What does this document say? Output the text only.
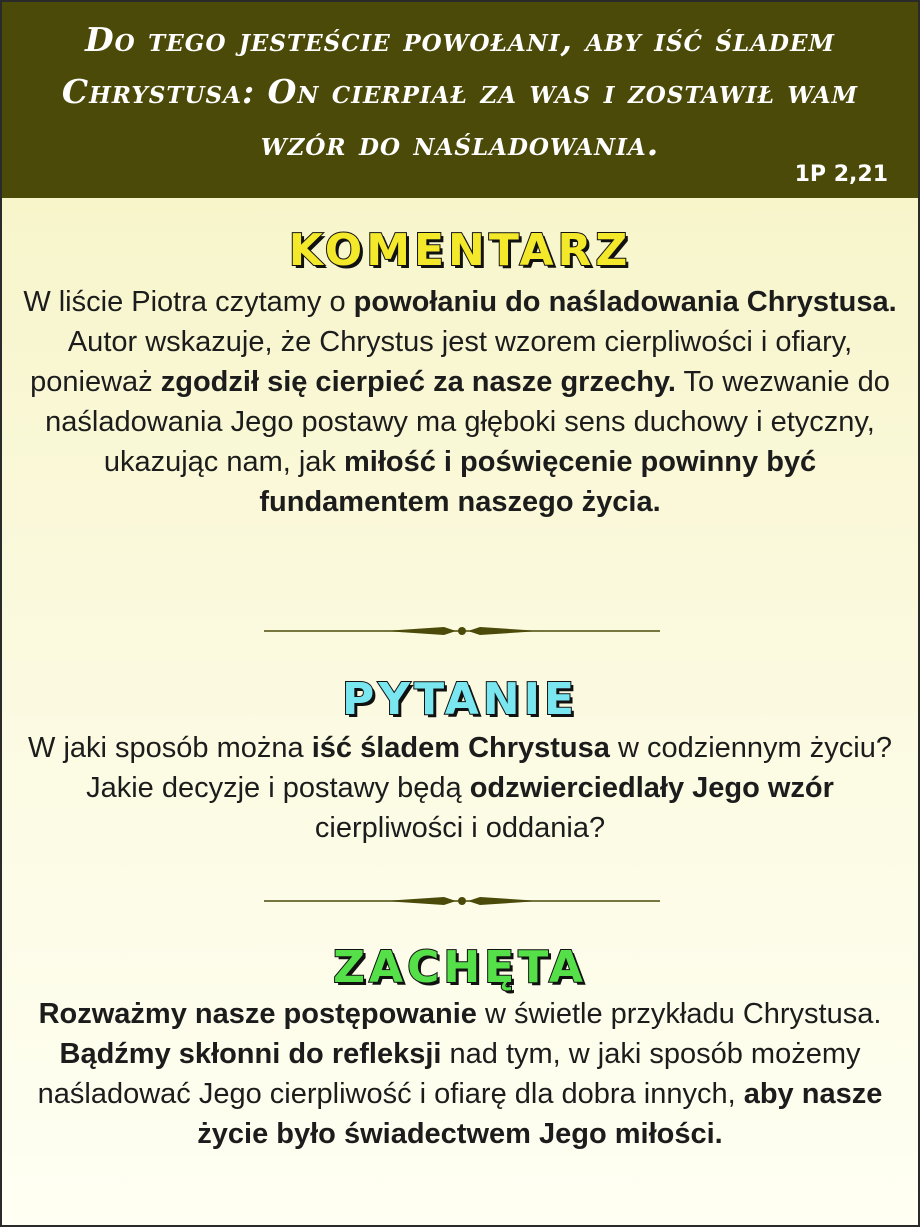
Do tego jesteście powołani, aby iść śladem Chrystusa: On cierpiał za was i zostawił wam wzór do naśladowania.
1P 2,21
KOMENTARZ
W liście Piotra czytamy o powołaniu do naśladowania Chrystusa. Autor wskazuje, że Chrystus jest wzorem cierpliwości i ofiary, ponieważ zgodził się cierpieć za nasze grzechy. To wezwanie do naśladowania Jego postawy ma głęboki sens duchowy i etyczny, ukazując nam, jak miłość i poświęcenie powinny być fundamentem naszego życia.
PYTANIE
W jaki sposób można iść śladem Chrystusa w codziennym życiu? Jakie decyzje i postawy będą odzwierciedlały Jego wzór cierpliwości i oddania?
ZACHĘTA
Rozważmy nasze postępowanie w świetle przykładu Chrystusa. Bądźmy skłonni do refleksji nad tym, w jaki sposób możemy naśladować Jego cierpliwość i ofiarę dla dobra innych, aby nasze życie było świadectwem Jego miłości.
